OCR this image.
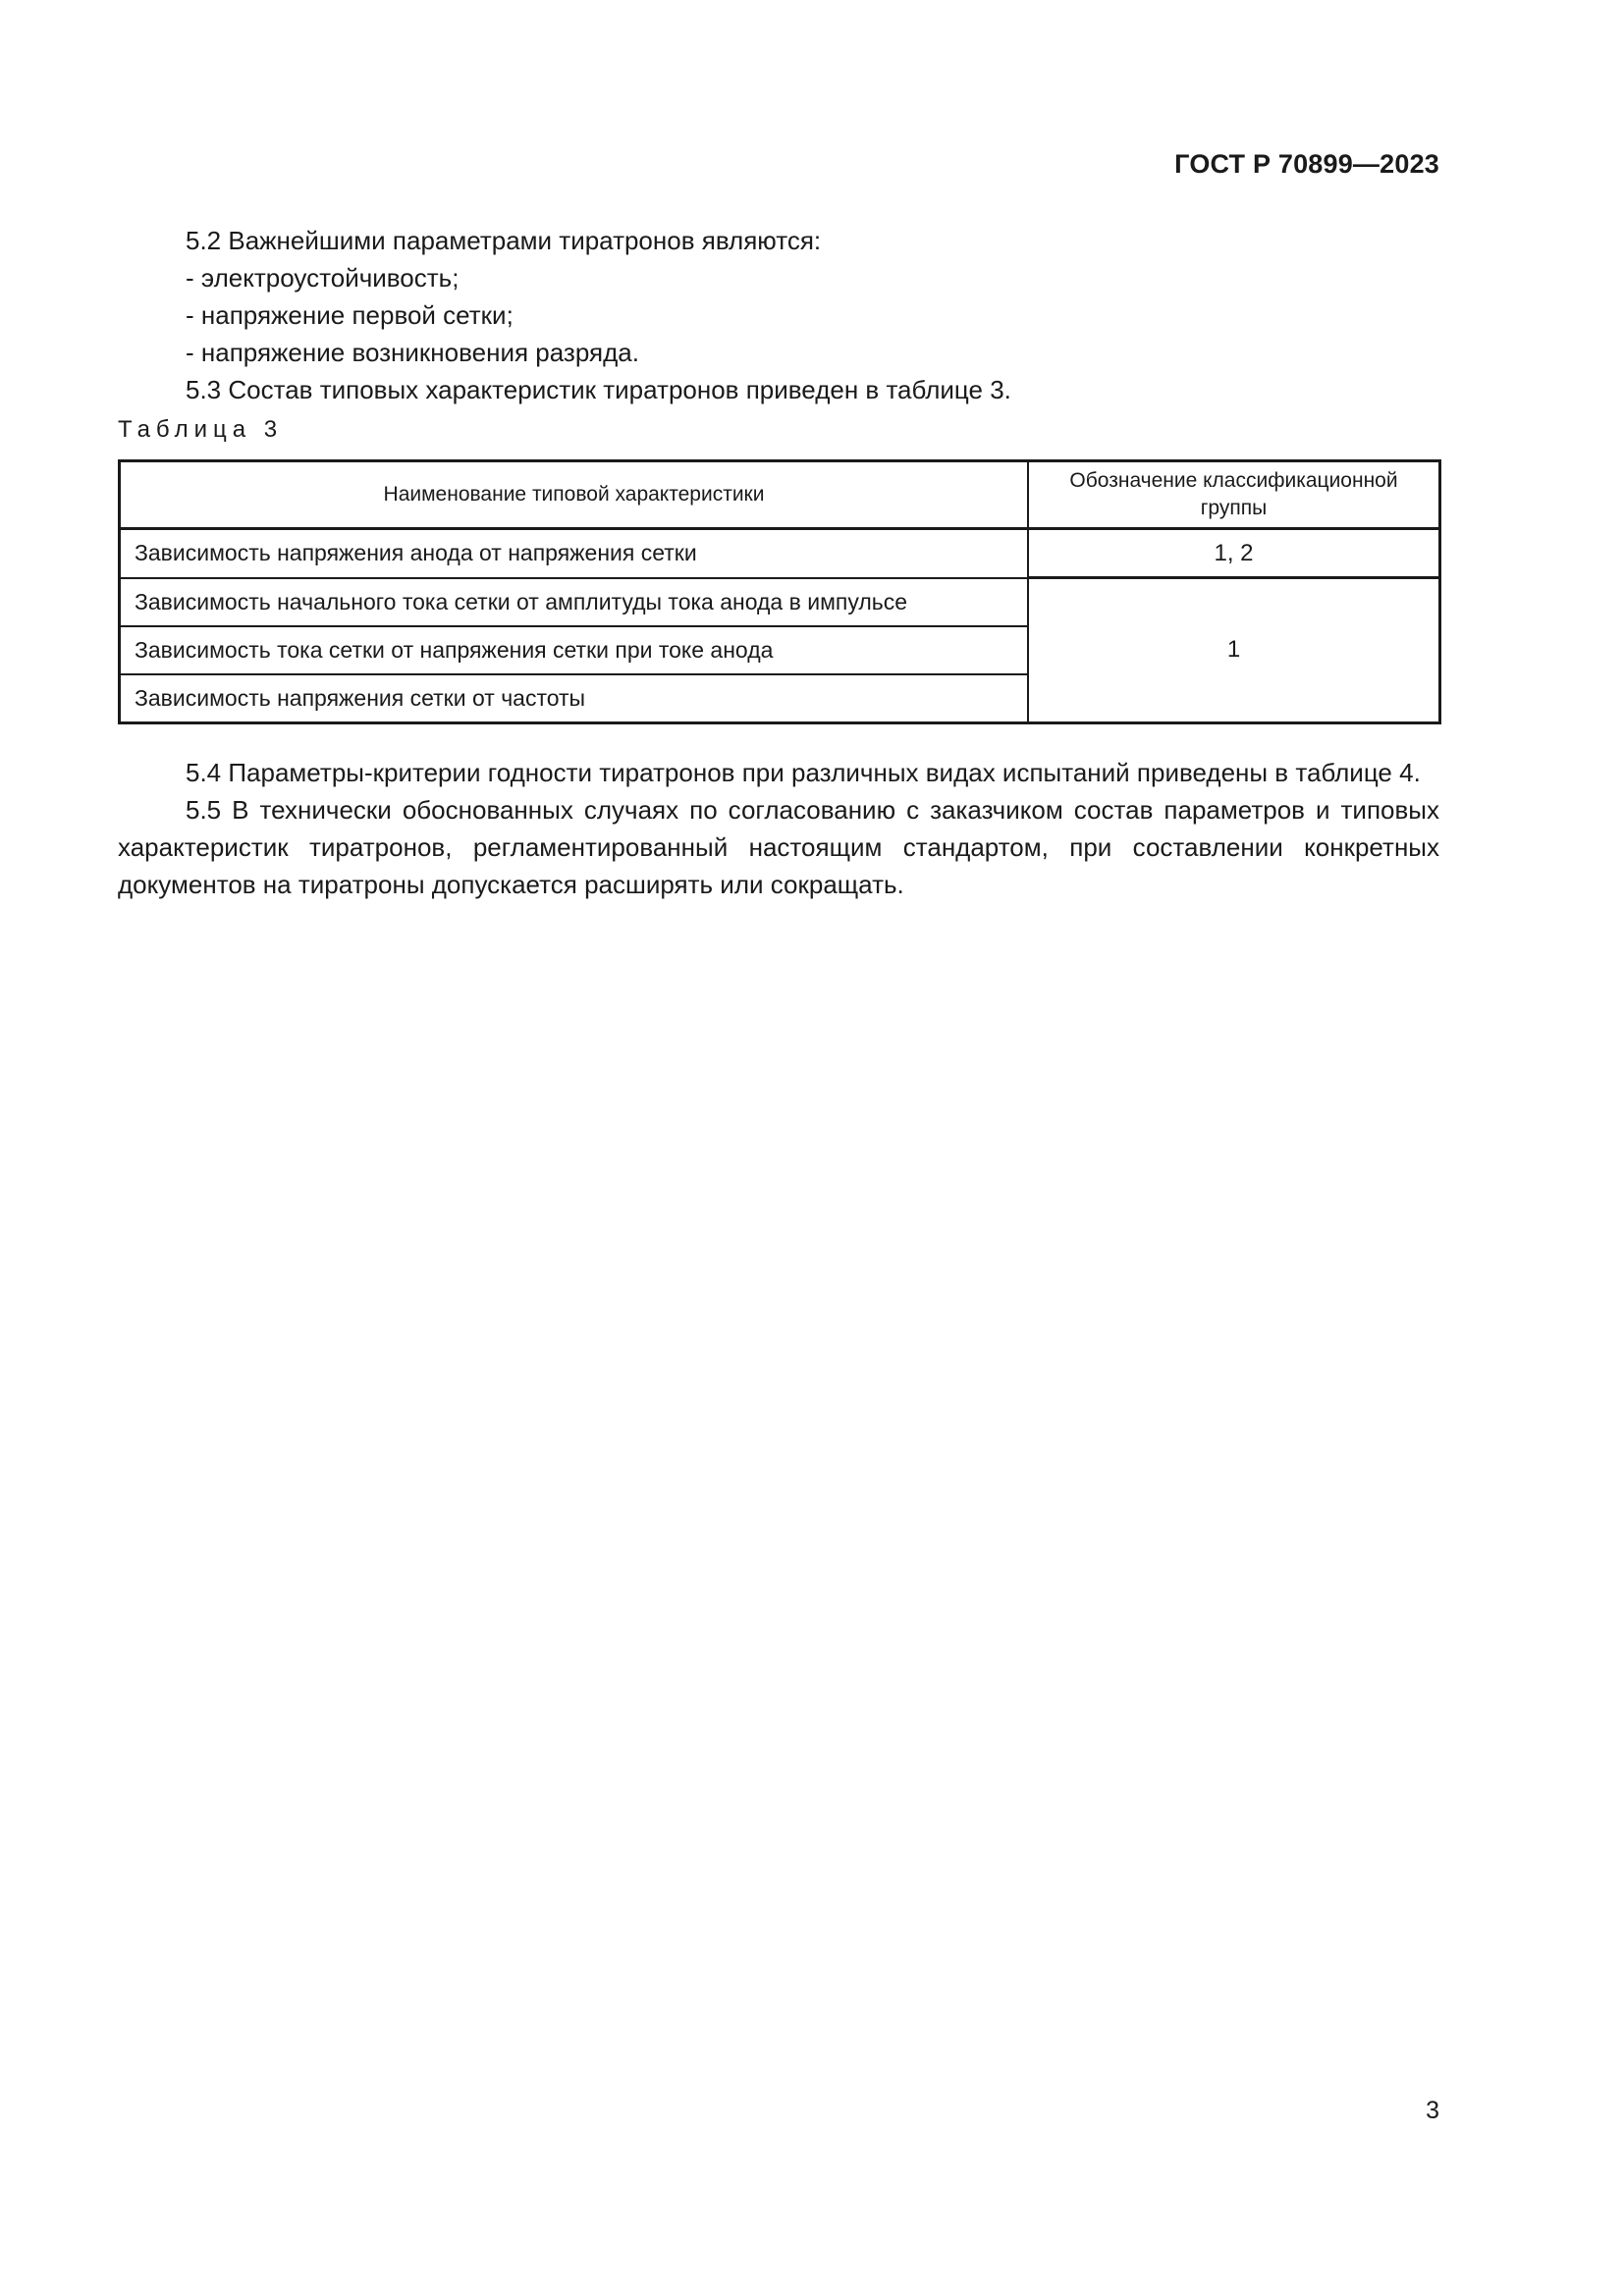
ГОСТ Р 70899—2023

5.2 Важнейшими параметрами тиратронов являются:

- электроустойчивость;

- напряжение первой сетки;

- напряжение возникновения разряда.

5.3 Состав типовых характеристик тиратронов приведен в таблице 3.

Таблица 3
Наименование типовой характеристики	Обозначение классификационной группы
Зависимость напряжения анода от напряжения сетки	1, 2
Зависимость начального тока сетки от амплитуды тока анода в импульсе	1
Зависимость тока сетки от напряжения сетки при токе анода	
Зависимость напряжения сетки от частоты	

5.4 Параметры-критерии годности тиратронов при различных видах испытаний приведены в таблице 4.

5.5 В технически обоснованных случаях по согласованию с заказчиком состав параметров и типовых характеристик тиратронов, регламентированный настоящим стандартом, при составлении конкретных документов на тиратроны допускается расширять или сокращать.

3
